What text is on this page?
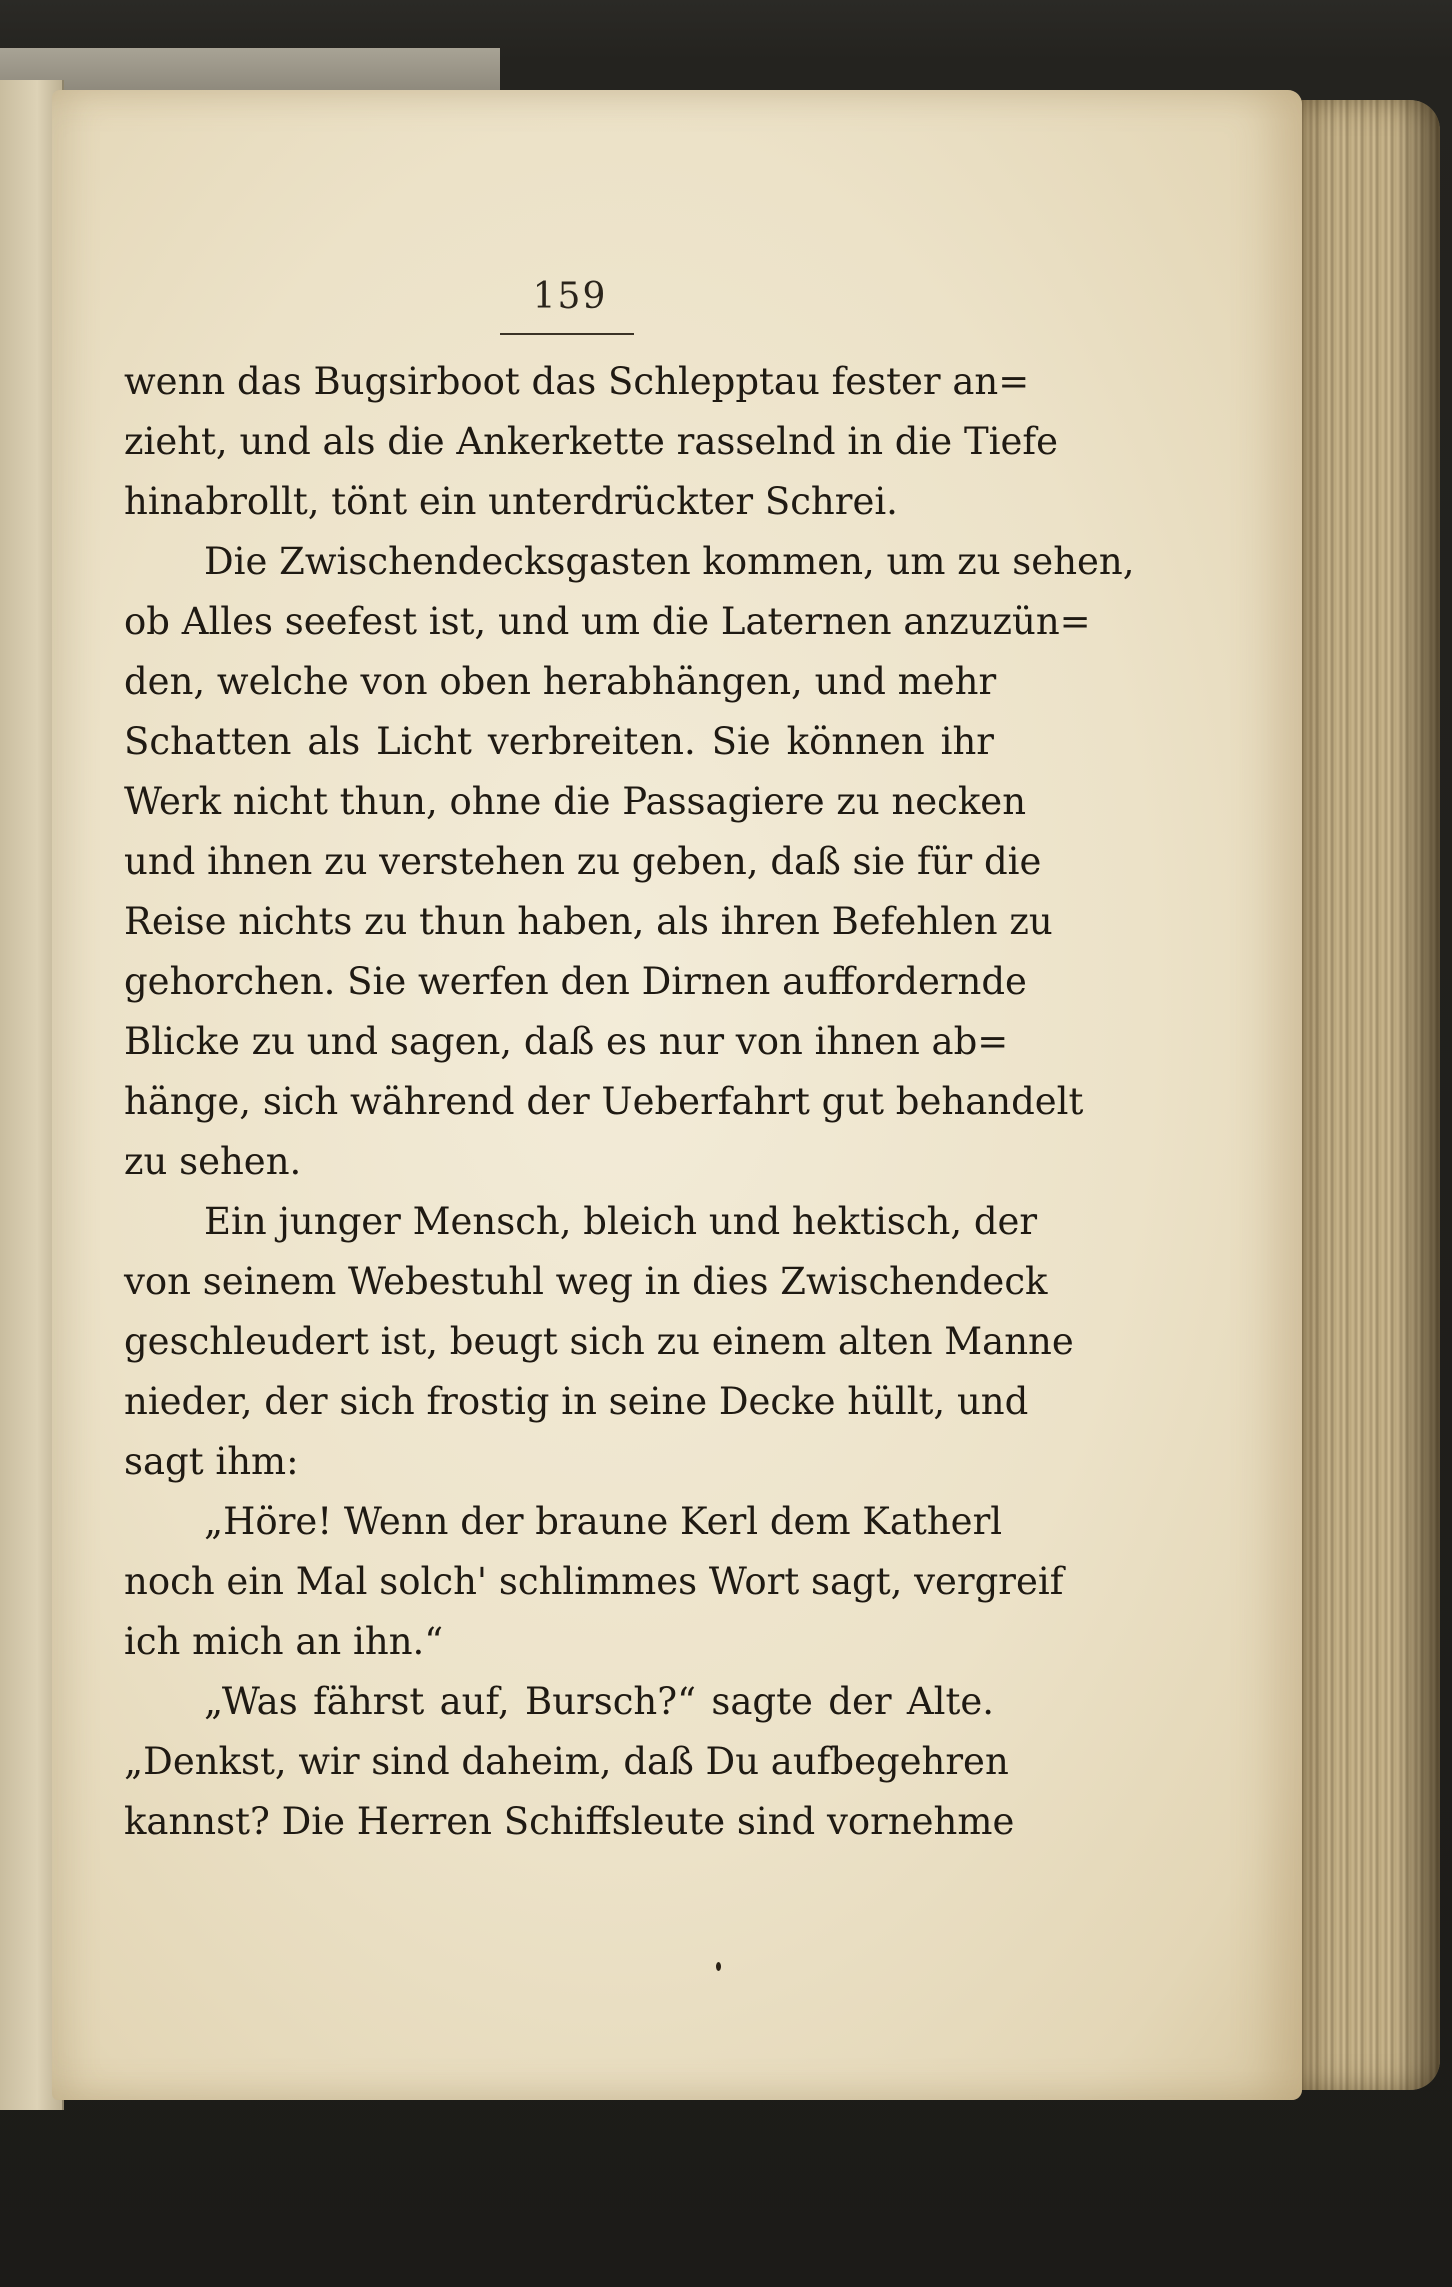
159
wenn das Bugsirboot das Schlepptau fester an=
zieht, und als die Ankerkette rasselnd in die Tiefe
hinabrollt, tönt ein unterdrückter Schrei.
Die Zwischendecksgasten kommen, um zu sehen,
ob Alles seefest ist, und um die Laternen anzuzün=
den, welche von oben herabhängen, und mehr
Schatten als Licht verbreiten. Sie können ihr
Werk nicht thun, ohne die Passagiere zu necken
und ihnen zu verstehen zu geben, daß sie für die
Reise nichts zu thun haben, als ihren Befehlen zu
gehorchen. Sie werfen den Dirnen auffordernde
Blicke zu und sagen, daß es nur von ihnen ab=
hänge, sich während der Ueberfahrt gut behandelt
zu sehen.
Ein junger Mensch, bleich und hektisch, der
von seinem Webestuhl weg in dies Zwischendeck
geschleudert ist, beugt sich zu einem alten Manne
nieder, der sich frostig in seine Decke hüllt, und
sagt ihm:
„Höre! Wenn der braune Kerl dem Katherl
noch ein Mal solch' schlimmes Wort sagt, vergreif
ich mich an ihn.“
„Was fährst auf, Bursch?“ sagte der Alte.
„Denkst, wir sind daheim, daß Du aufbegehren
kannst? Die Herren Schiffsleute sind vornehme
